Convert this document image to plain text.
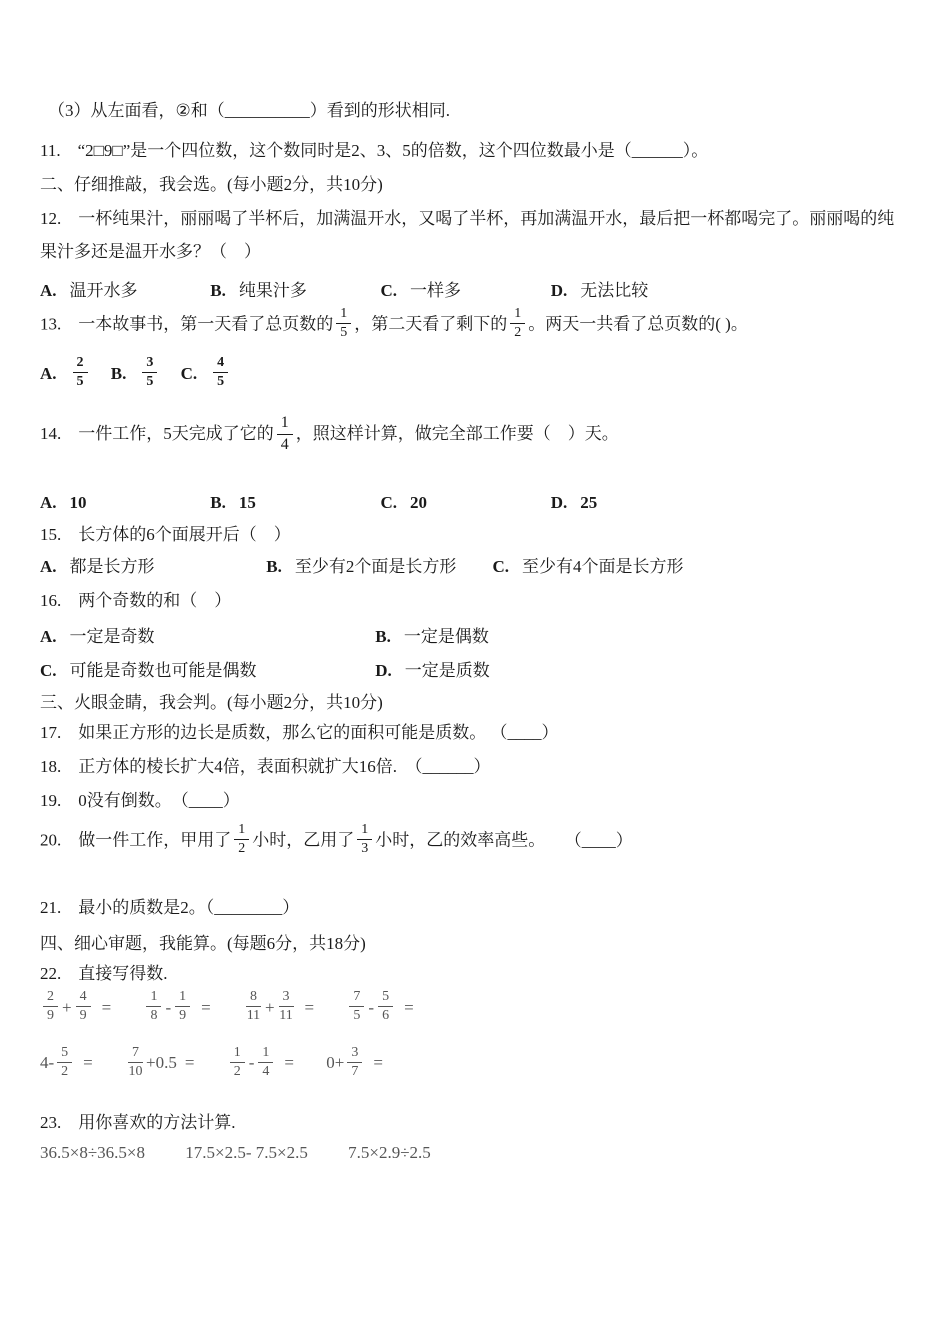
（3）从左面看，②和（__________）看到的形状相同.

11.　“2□9□”是一个四位数，这个数同时是2、3、5的倍数，这个四位数最小是（______）。

二、仔细推敲，我会选。(每小题2分，共10分)

12.　一杯纯果汁，丽丽喝了半杯后，加满温开水，又喝了半杯，再加满温开水，最后把一杯都喝完了。丽丽喝的纯果汁多还是温开水多？（　）

A. 温开水多	B. 纯果汁多	C. 一样多	D. 无法比较

13.　一本故事书，第一天看了总页数的 $\frac{1}{5}$ ，第二天看了剩下的 $\frac{1}{2}$ 。两天一共看了总页数的( )。

A. $\frac{2}{5} B$. $\frac{3}{5} C$. $\frac{4}{5}$

14.　一件工作，5天完成了它的 $\frac{1}{4}$ ，照这样计算，做完全部工作要（　）天。

A. 10	B. 15	C. 20	D. 25

15.　长方体的6个面展开后（　）

A. 都是长方形	B. 至少有2个面是长方形 C. 至少有4个面是长方形

16.　两个奇数的和（　）

A. 一定是奇数	B. 一定是偶数

C. 可能是奇数也可能是偶数	D. 一定是质数

三、火眼金睛，我会判。(每小题2分，共10分)

17.　如果正方形的边长是质数，那么它的面积可能是质数。 （____）

18.　正方体的棱长扩大4倍，表面积就扩大16倍.　（______）

19.　0没有倒数。　（____）

20.　做一件工作，甲用了 $\frac{1}{2}$ 小时，乙用了 $\frac{1}{3}$ 小时，乙的效率高些。 （____）

21.　最小的质数是2。（________）

四、细心审题，我能算。(每题6分，共18分)

22.　直接写得数.

$\frac{2}{9} + \frac{4}{9}$ =	$\frac{1}{8} - \frac{1}{9}$ =	$\frac{8}{11} + \frac{3}{11}$ =	$\frac{7}{5} - \frac{5}{6}$ =

$4- \frac{5}{2}$ =	$\frac{7}{10} +0.5$ =	$\frac{1}{2} - \frac{1}{4} = 0+ \frac{3}{7}$ =

23.　用你喜欢的方法计算.

36.5×8÷36.5×8 17.5×2.5- 7.5×2.5 7.5×2.9÷2.5
